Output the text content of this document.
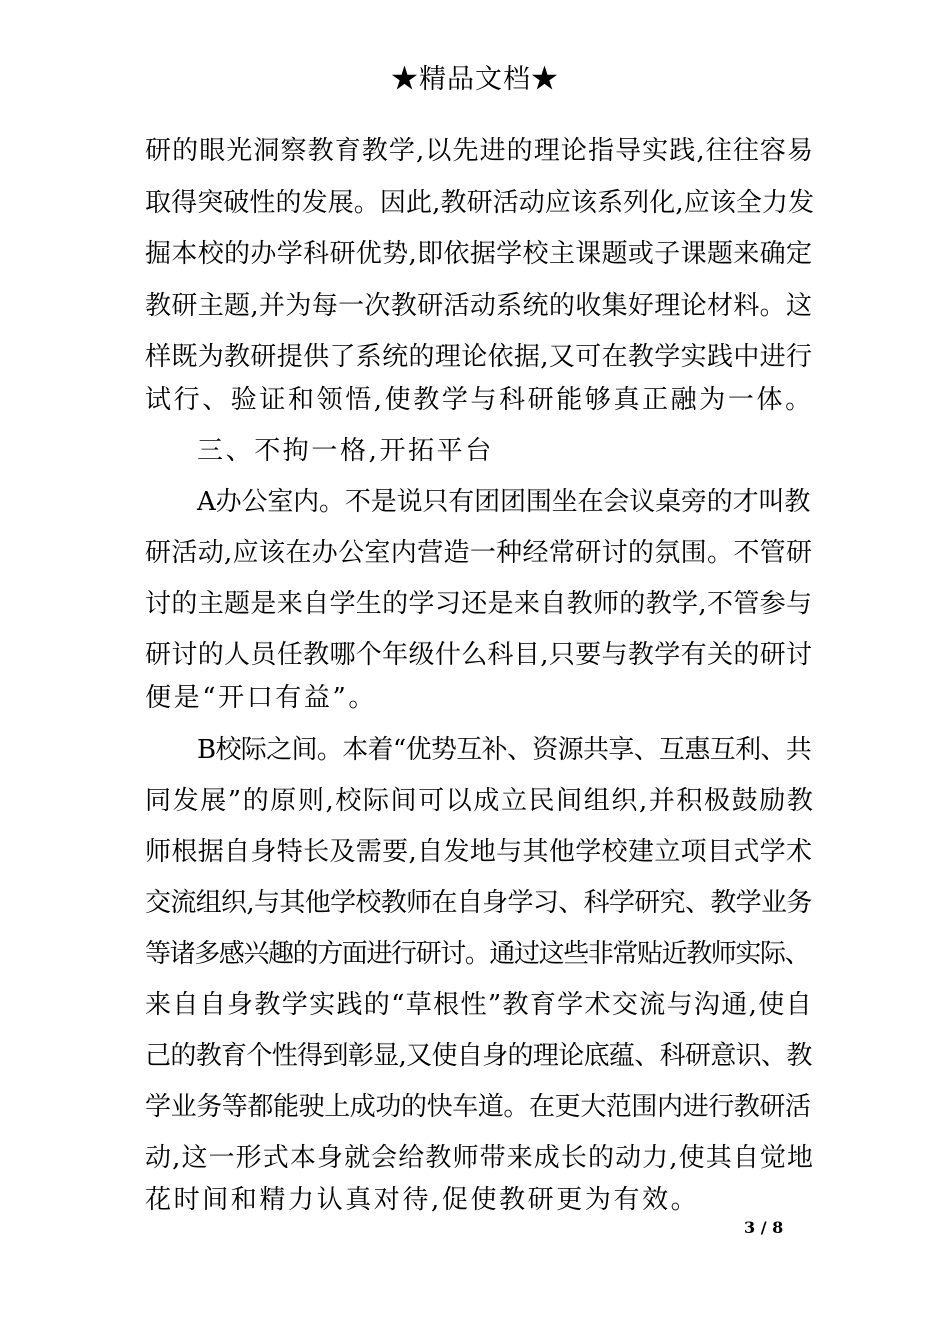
★精品文档★
研的眼光洞察教育教学,以先进的理论指导实践,往往容易
取得突破性的发展。因此,教研活动应该系列化,应该全力发
掘本校的办学科研优势,即依据学校主课题或子课题来确定
教研主题,并为每一次教研活动系统的收集好理论材料。这
样既为教研提供了系统的理论依据,又可在教学实践中进行
试行、验证和领悟,使教学与科研能够真正融为一体。
三、不拘一格,开拓平台
A办公室内。不是说只有团团围坐在会议桌旁的才叫教
研活动,应该在办公室内营造一种经常研讨的氛围。不管研
讨的主题是来自学生的学习还是来自教师的教学,不管参与
研讨的人员任教哪个年级什么科目,只要与教学有关的研讨
便是“开口有益”。
B校际之间。本着“优势互补、资源共享、互惠互利、共
同发展”的原则,校际间可以成立民间组织,并积极鼓励教
师根据自身特长及需要,自发地与其他学校建立项目式学术
交流组织,与其他学校教师在自身学习、科学研究、教学业务
等诸多感兴趣的方面进行研讨。通过这些非常贴近教师实际、
来自自身教学实践的“草根性”教育学术交流与沟通,使自
己的教育个性得到彰显,又使自身的理论底蕴、科研意识、教
学业务等都能驶上成功的快车道。在更大范围内进行教研活
动,这一形式本身就会给教师带来成长的动力,使其自觉地
花时间和精力认真对待,促使教研更为有效。
3 / 8
